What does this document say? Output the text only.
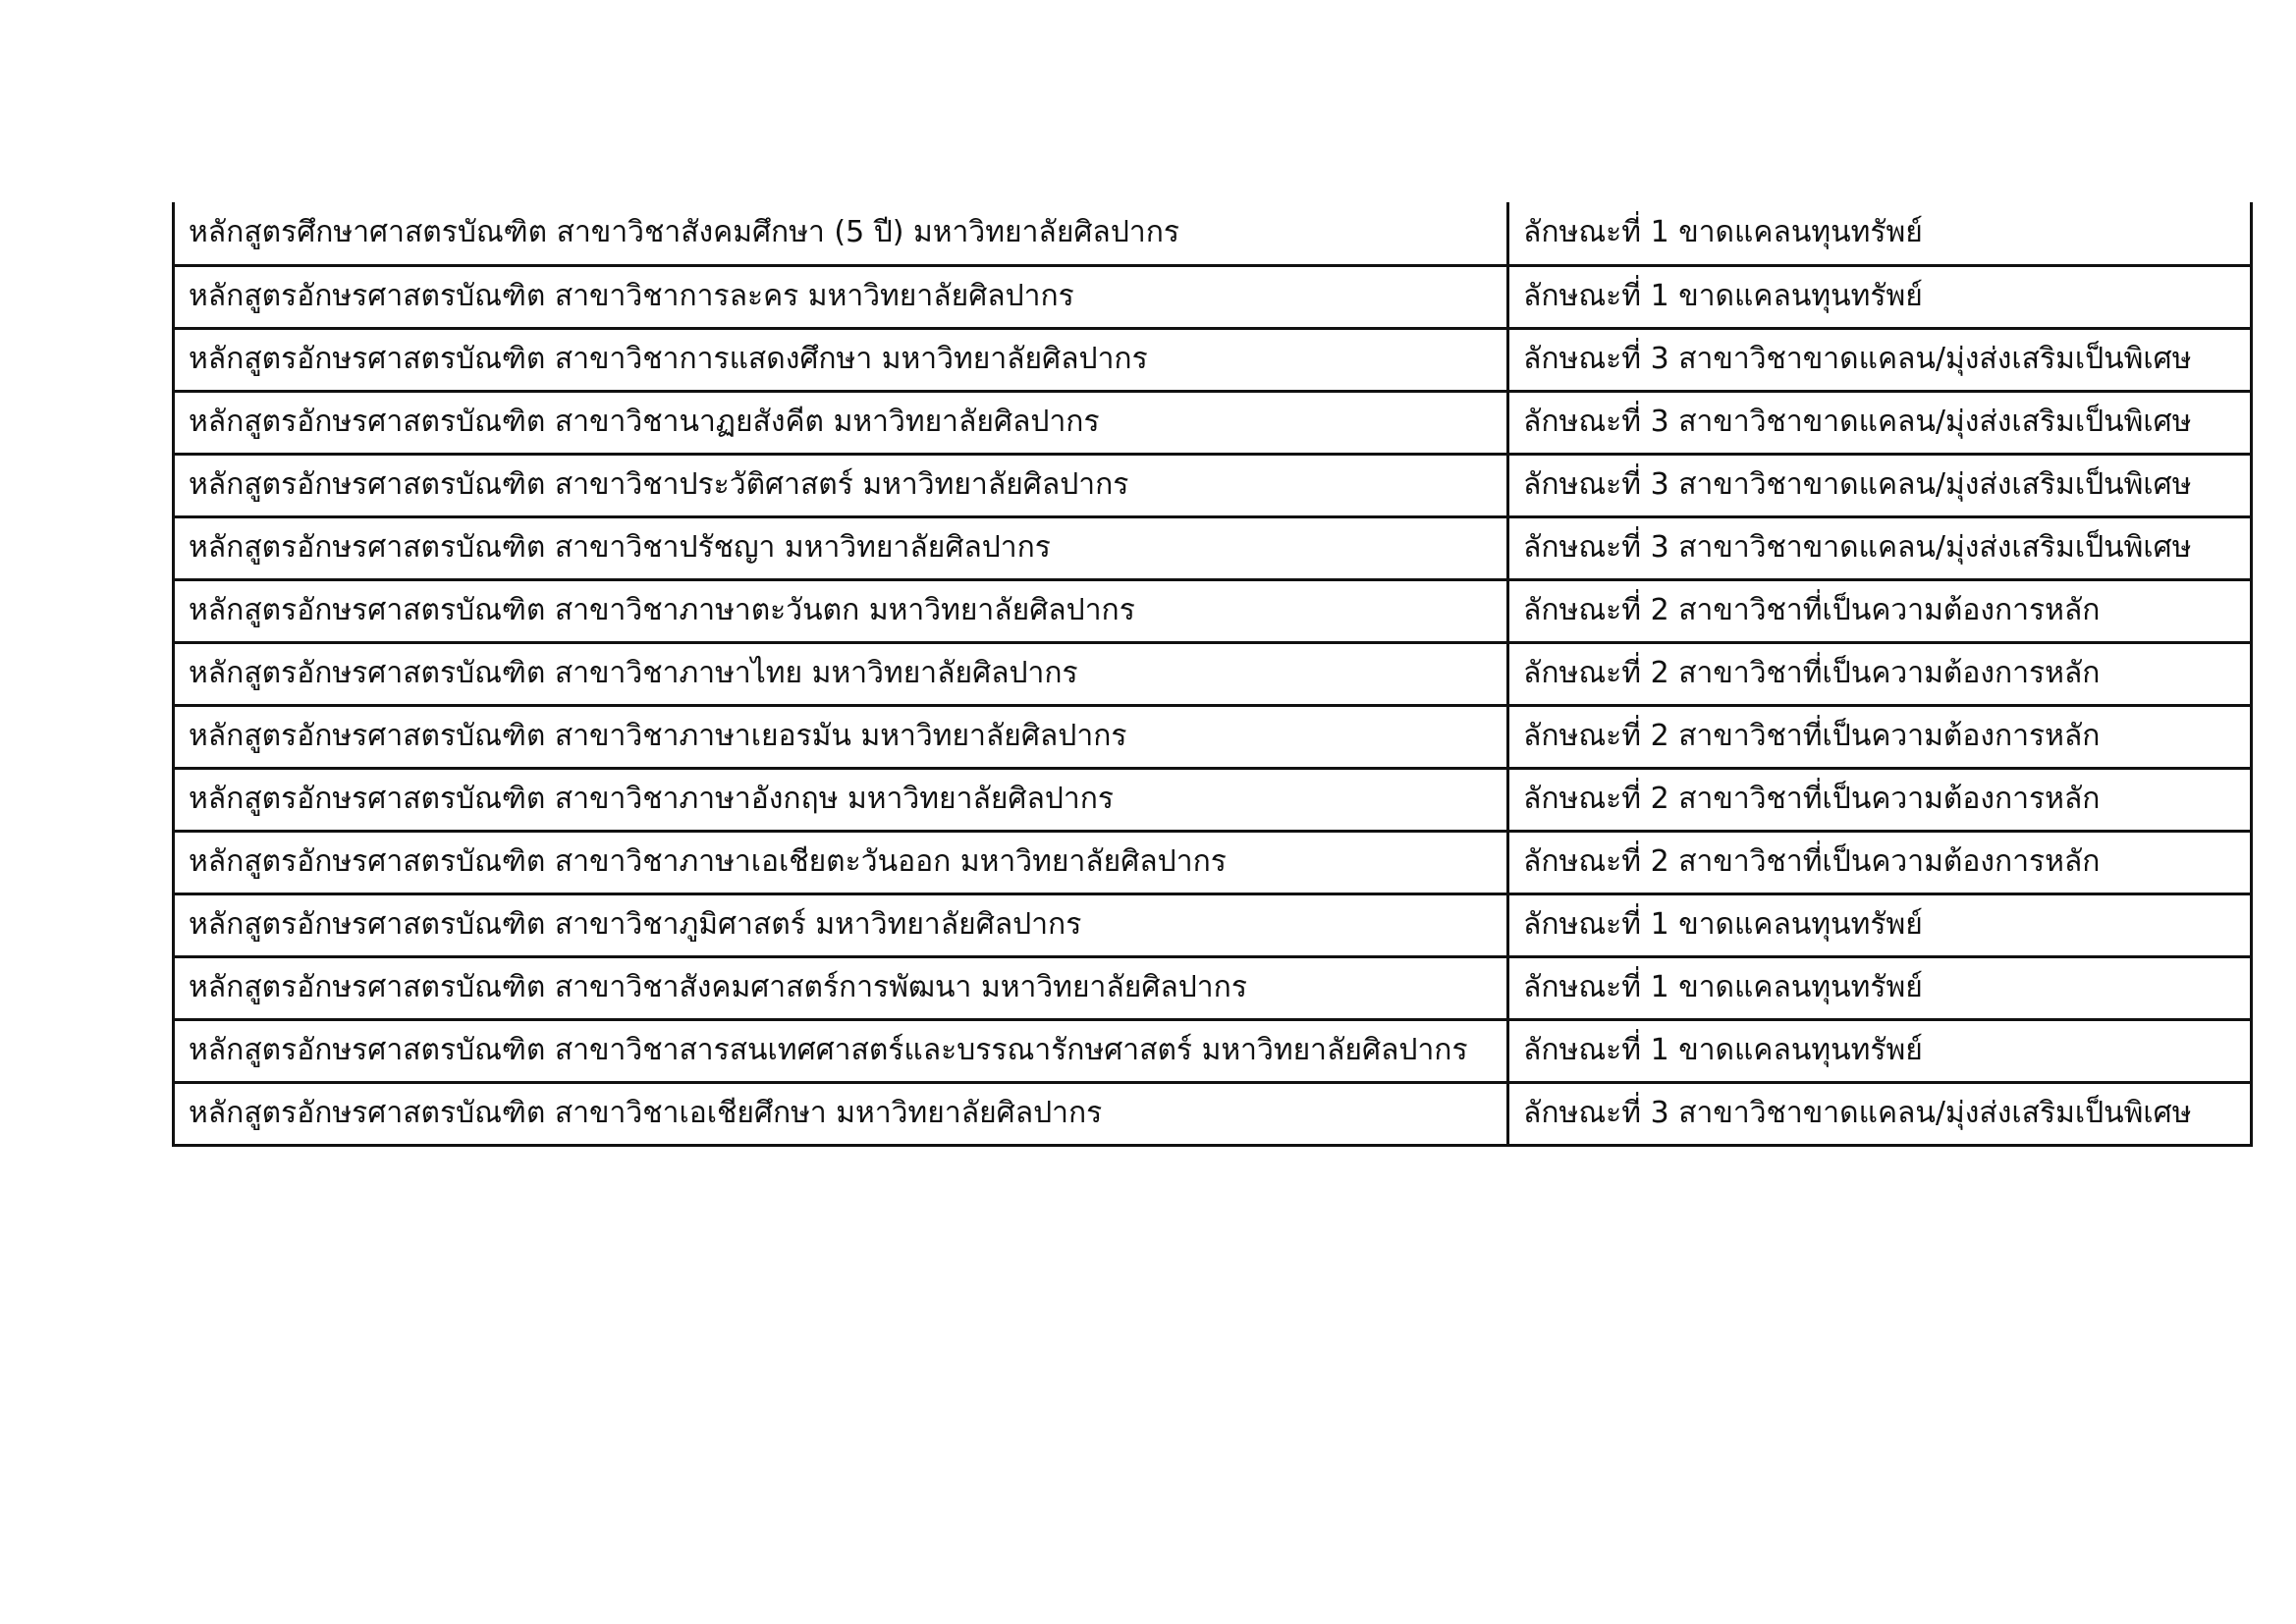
หลักสูตรศึกษาศาสตรบัณฑิต สาขาวิชาสังคมศึกษา (5 ปี) มหาวิทยาลัยศิลปากร	ลักษณะที่ 1 ขาดแคลนทุนทรัพย์
หลักสูตรอักษรศาสตรบัณฑิต สาขาวิชาการละคร มหาวิทยาลัยศิลปากร	ลักษณะที่ 1 ขาดแคลนทุนทรัพย์
หลักสูตรอักษรศาสตรบัณฑิต สาขาวิชาการแสดงศึกษา มหาวิทยาลัยศิลปากร	ลักษณะที่ 3 สาขาวิชาขาดแคลน/มุ่งส่งเสริมเป็นพิเศษ
หลักสูตรอักษรศาสตรบัณฑิต สาขาวิชานาฏยสังคีต มหาวิทยาลัยศิลปากร	ลักษณะที่ 3 สาขาวิชาขาดแคลน/มุ่งส่งเสริมเป็นพิเศษ
หลักสูตรอักษรศาสตรบัณฑิต สาขาวิชาประวัติศาสตร์ มหาวิทยาลัยศิลปากร	ลักษณะที่ 3 สาขาวิชาขาดแคลน/มุ่งส่งเสริมเป็นพิเศษ
หลักสูตรอักษรศาสตรบัณฑิต สาขาวิชาปรัชญา มหาวิทยาลัยศิลปากร	ลักษณะที่ 3 สาขาวิชาขาดแคลน/มุ่งส่งเสริมเป็นพิเศษ
หลักสูตรอักษรศาสตรบัณฑิต สาขาวิชาภาษาตะวันตก มหาวิทยาลัยศิลปากร	ลักษณะที่ 2 สาขาวิชาที่เป็นความต้องการหลัก
หลักสูตรอักษรศาสตรบัณฑิต สาขาวิชาภาษาไทย มหาวิทยาลัยศิลปากร	ลักษณะที่ 2 สาขาวิชาที่เป็นความต้องการหลัก
หลักสูตรอักษรศาสตรบัณฑิต สาขาวิชาภาษาเยอรมัน มหาวิทยาลัยศิลปากร	ลักษณะที่ 2 สาขาวิชาที่เป็นความต้องการหลัก
หลักสูตรอักษรศาสตรบัณฑิต สาขาวิชาภาษาอังกฤษ มหาวิทยาลัยศิลปากร	ลักษณะที่ 2 สาขาวิชาที่เป็นความต้องการหลัก
หลักสูตรอักษรศาสตรบัณฑิต สาขาวิชาภาษาเอเชียตะวันออก มหาวิทยาลัยศิลปากร	ลักษณะที่ 2 สาขาวิชาที่เป็นความต้องการหลัก
หลักสูตรอักษรศาสตรบัณฑิต สาขาวิชาภูมิศาสตร์ มหาวิทยาลัยศิลปากร	ลักษณะที่ 1 ขาดแคลนทุนทรัพย์
หลักสูตรอักษรศาสตรบัณฑิต สาขาวิชาสังคมศาสตร์การพัฒนา มหาวิทยาลัยศิลปากร	ลักษณะที่ 1 ขาดแคลนทุนทรัพย์
หลักสูตรอักษรศาสตรบัณฑิต สาขาวิชาสารสนเทศศาสตร์และบรรณารักษศาสตร์ มหาวิทยาลัยศิลปากร	ลักษณะที่ 1 ขาดแคลนทุนทรัพย์
หลักสูตรอักษรศาสตรบัณฑิต สาขาวิชาเอเชียศึกษา มหาวิทยาลัยศิลปากร	ลักษณะที่ 3 สาขาวิชาขาดแคลน/มุ่งส่งเสริมเป็นพิเศษ
